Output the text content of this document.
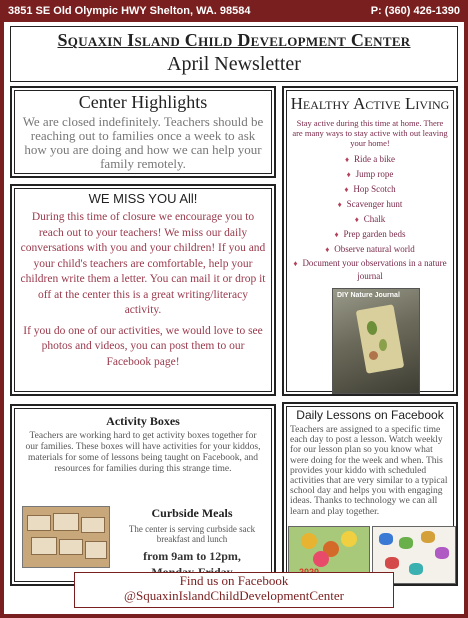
3851 SE Old Olympic HWY Shelton, WA. 98584	P: (360) 426-1390
Squaxin Island Child Development Center
April Newsletter
Center Highlights
We are closed indefinitely. Teachers should be reaching out to families once a week to ask how you are doing and how we can help your family remotely.
Healthy Active Living
Stay active during this time at home. There are many ways to stay active with out leaving your home!
♦ Ride a bike
♦ Jump rope
♦ Hop Scotch
♦ Scavenger hunt
♦ Chalk
♦ Prep garden beds
♦ Observe natural world
♦ Document your observations in a nature journal
DIY Nature Journal
WE MISS YOU All!

During this time of closure we encourage you to reach out to your teachers! We miss our daily conversations with you and your children! If you and your child's teachers are comfortable, help your children write them a letter. You can mail it or drop it off at the center this is a great writing/literacy activity.

If you do one of our activities, we would love to see photos and videos, you can post them to our Facebook page!

Activity Boxes
Teachers are working hard to get activity boxes together for our families. These boxes will have activities for your kiddos, materials for some of lessons being taught on Facebook, and resources for families during this strange time.
Curbside Meals
The center is serving curbside sack breakfast and lunch
from 9am to 12pm,
Daily Lessons on Facebook
Teachers are assigned to a specific time each day to post a lesson. Watch weekly for our lesson plan so you know what were doing for the week and when. This provides your kiddo with scheduled activities that are very similar to a typical school day and helps you with engaging ideas. Thanks to technology we can all learn and play together.
Find us on Facebook
@SquaxinIslandChildDevelopmentCenter
